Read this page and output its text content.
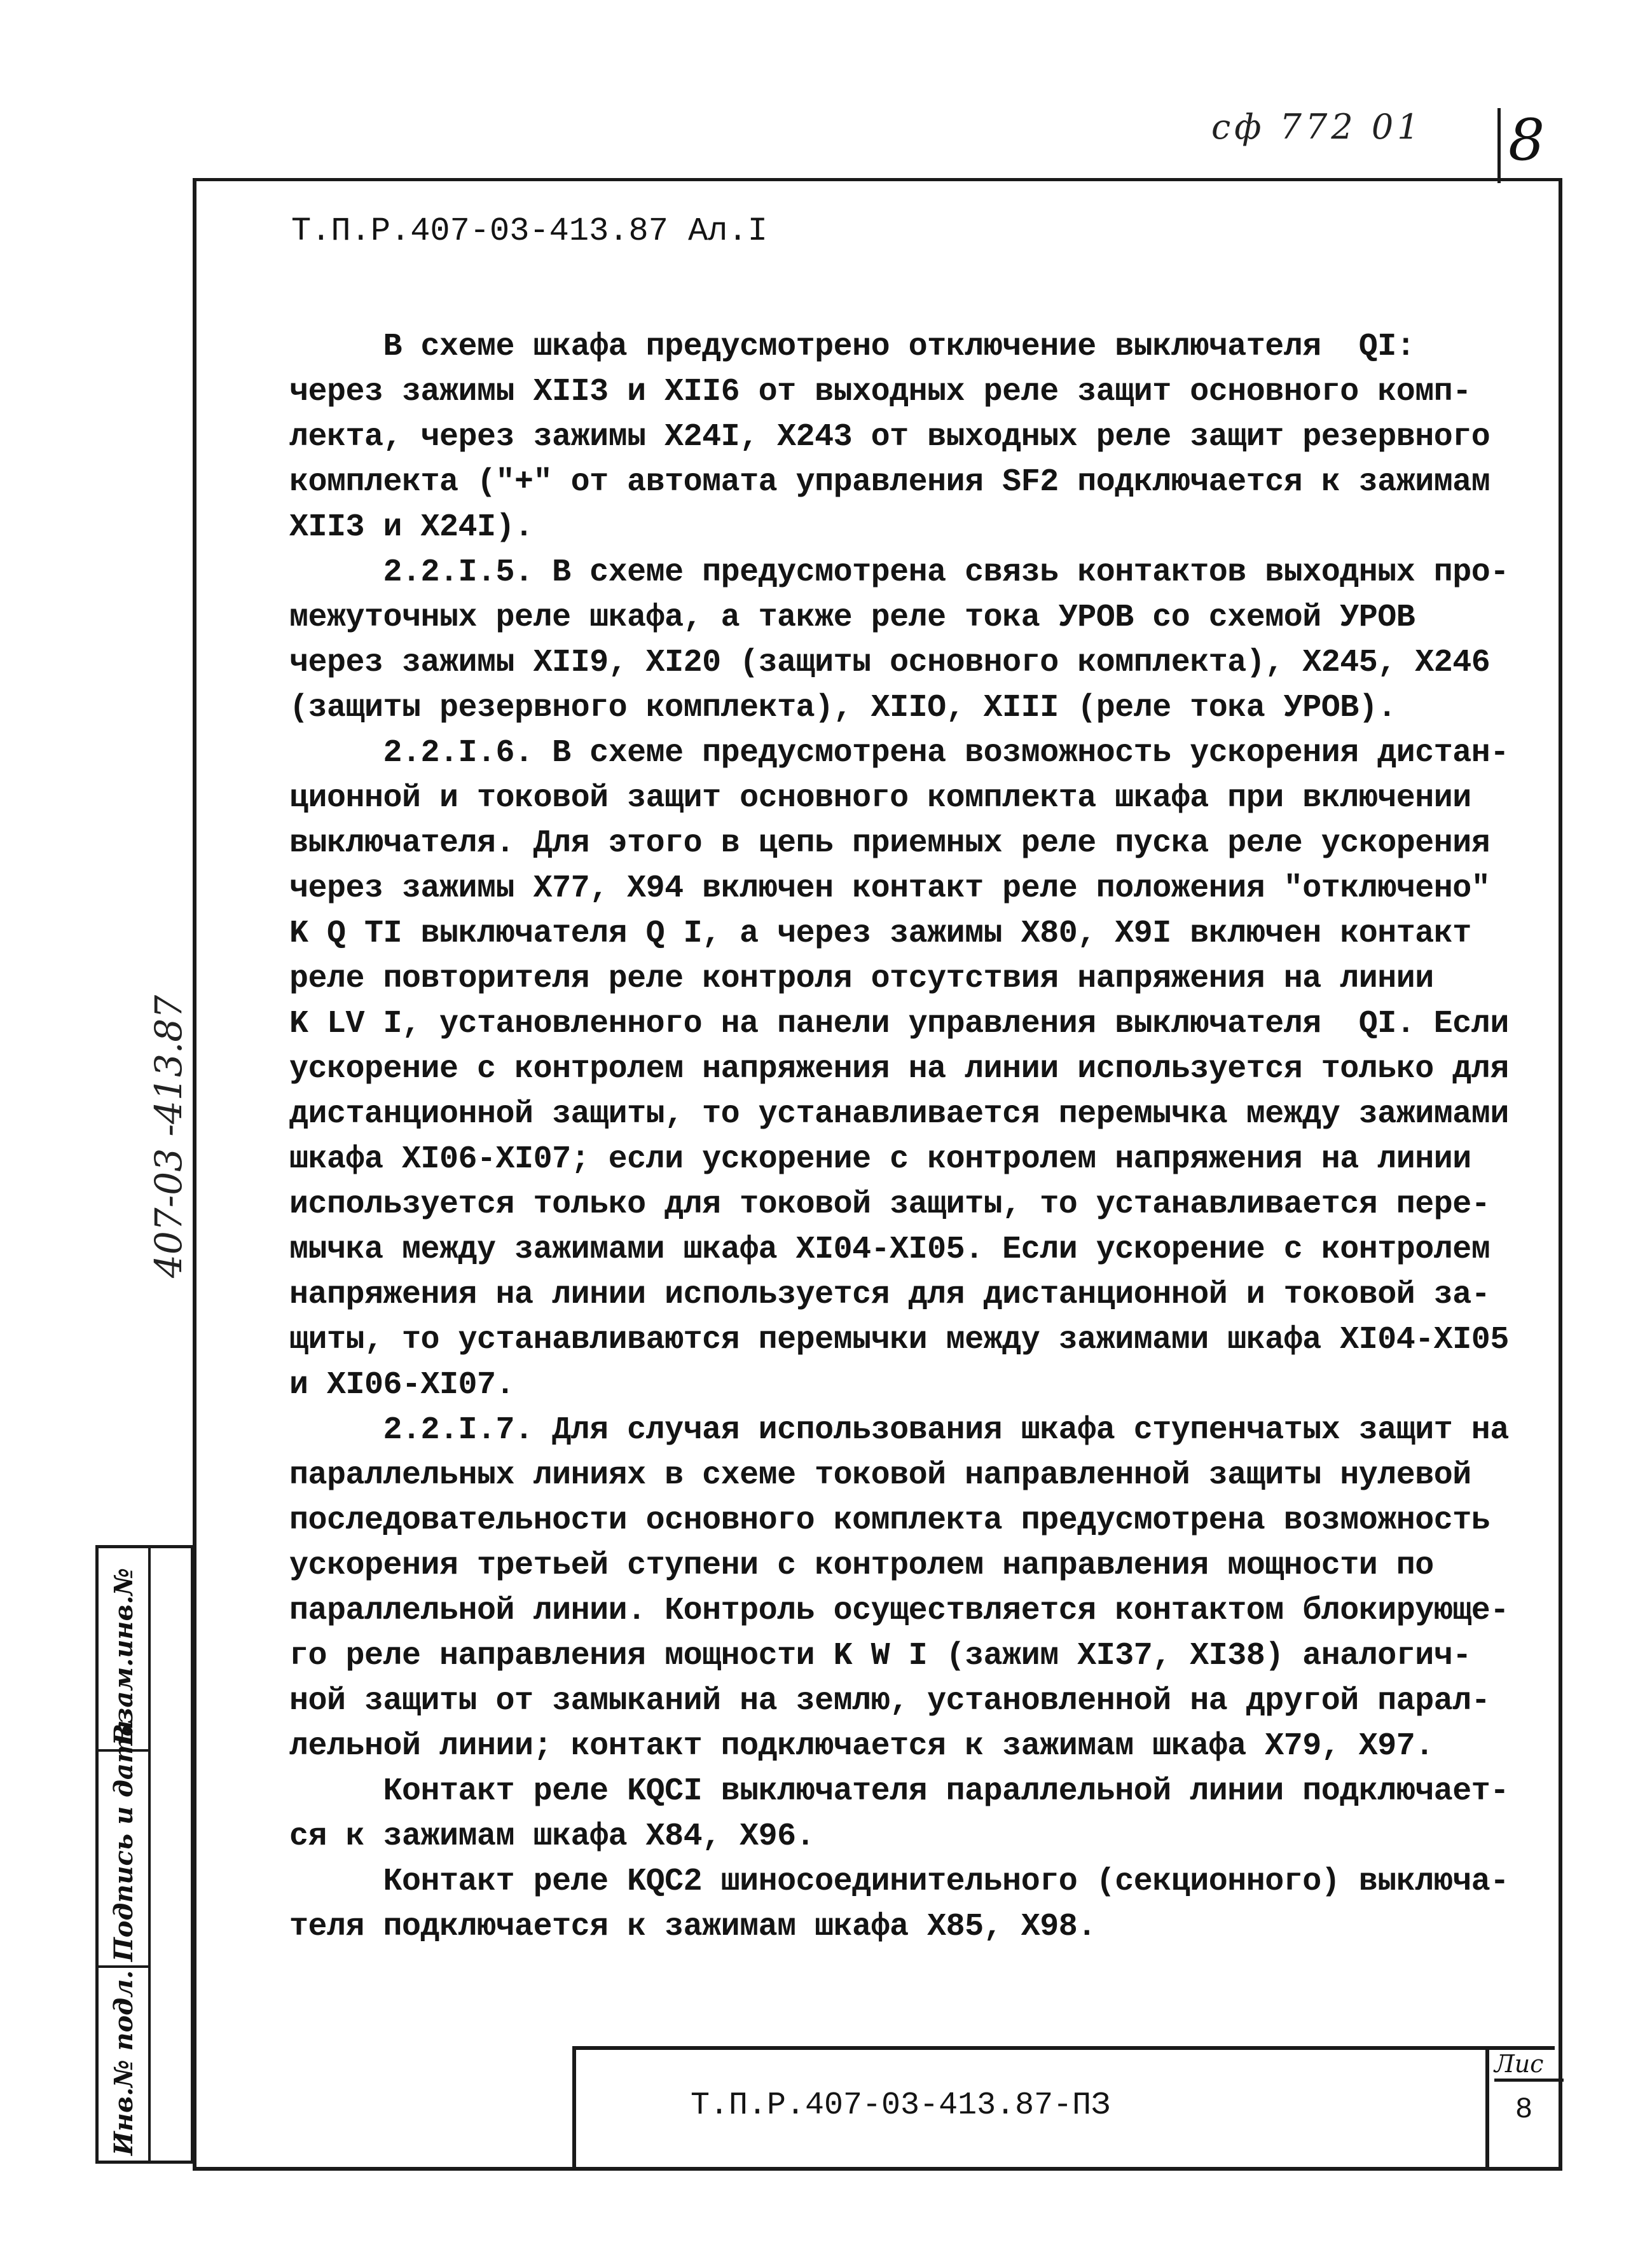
сф 772 01 8
Т.П.Р.407-03-413.87 Ал.I
В схеме шкафа предусмотрено отключение выключателя  QI:
через зажимы XII3 и XII6 от выходных реле защит основного комп-
лекта, через зажимы X24I, X243 от выходных реле защит резервного
комплекта ("+" от автомата управления SF2 подключается к зажимам
XII3 и X24I).
2.2.I.5. В схеме предусмотрена связь контактов выходных про-
межуточных реле шкафа, а также реле тока УРОВ со схемой УРОВ
через зажимы XII9, XI20 (защиты основного комплекта), X245, X246
(защиты резервного комплекта), XIIO, XIII (реле тока УРОВ).
2.2.I.6. В схеме предусмотрена возможность ускорения дистан-
ционной и токовой защит основного комплекта шкафа при включении
выключателя. Для этого в цепь приемных реле пуска реле ускорения
через зажимы X77, X94 включен контакт реле положения "отключено"
K Q TI выключателя Q I, а через зажимы X80, X9I включен контакт
реле повторителя реле контроля отсутствия напряжения на линии
K LV I, установленного на панели управления выключателя  QI. Если
ускорение с контролем напряжения на линии используется только для
дистанционной защиты, то устанавливается перемычка между зажимами
шкафа XI06-XI07; если ускорение с контролем напряжения на линии
используется только для токовой защиты, то устанавливается пере-
мычка между зажимами шкафа XI04-XI05. Если ускорение с контролем
напряжения на линии используется для дистанционной и токовой за-
щиты, то устанавливаются перемычки между зажимами шкафа XI04-XI05
и XI06-XI07.
2.2.I.7. Для случая использования шкафа ступенчатых защит на
параллельных линиях в схеме токовой направленной защиты нулевой
последовательности основного комплекта предусмотрена возможность
ускорения третьей ступени с контролем направления мощности по
параллельной линии. Контроль осуществляется контактом блокирующе-
го реле направления мощности K W I (зажим XI37, XI38) аналогич-
ной защиты от замыканий на землю, установленной на другой парал-
лельной линии; контакт подключается к зажимам шкафа X79, X97.
Контакт реле KQCI выключателя параллельной линии подключает-
ся к зажимам шкафа X84, X96.
Контакт реле KQC2 шиносоединительного (секционного) выключа-
теля подключается к зажимам шкафа X85, X98.
407-03 -413.87
Взам.инв.№
Подпись и дата
Инв.№ подл.	Т.П.Р.407-03-413.87-ПЗ
Лис
8
